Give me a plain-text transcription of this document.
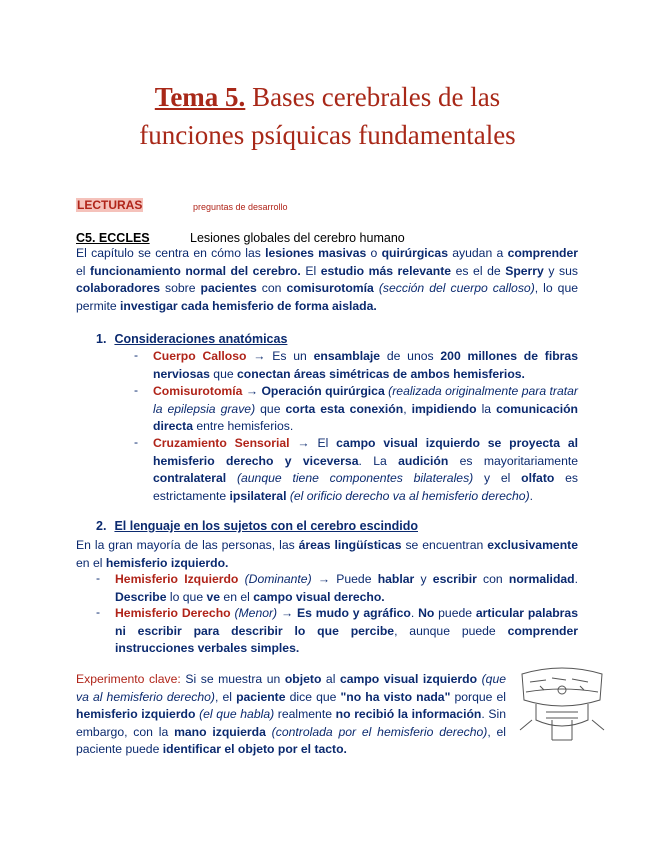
Tema 5. Bases cerebrales de las
funciones psíquicas fundamentales
LECTURAS	preguntas de desarrollo
C5. ECCLES	Lesiones globales del cerebro humano
El capítulo se centra en cómo las lesiones masivas o quirúrgicas ayudan a comprender el funcionamiento normal del cerebro. El estudio más relevante es el de Sperry y sus colaboradores sobre pacientes con comisurotomía (sección del cuerpo calloso), lo que permite investigar cada hemisferio de forma aislada.
1. Consideraciones anatómicas
- Cuerpo Calloso → Es un ensamblaje de unos 200 millones de fibras nerviosas que conectan áreas simétricas de ambos hemisferios.
- Comisurotomía → Operación quirúrgica (realizada originalmente para tratar la epilepsia grave) que corta esta conexión, impidiendo la comunicación directa entre hemisferios.
- Cruzamiento Sensorial → El campo visual izquierdo se proyecta al hemisferio derecho y viceversa. La audición es mayoritariamente contralateral (aunque tiene componentes bilaterales) y el olfato es estrictamente ipsilateral (el orificio derecho va al hemisferio derecho).
2. El lenguaje en los sujetos con el cerebro escindido
En la gran mayoría de las personas, las áreas lingüísticas se encuentran exclusivamente en el hemisferio izquierdo.
- Hemisferio Izquierdo (Dominante) → Puede hablar y escribir con normalidad. Describe lo que ve en el campo visual derecho.
- Hemisferio Derecho (Menor) → Es mudo y agráfico. No puede articular palabras ni escribir para describir lo que percibe, aunque puede comprender instrucciones verbales simples.
Experimento clave: Si se muestra un objeto al campo visual izquierdo (que va al hemisferio derecho), el paciente dice que "no ha visto nada" porque el hemisferio izquierdo (el que habla) realmente no recibió la información. Sin embargo, con la mano izquierda (controlada por el hemisferio derecho), el paciente puede identificar el objeto por el tacto.
